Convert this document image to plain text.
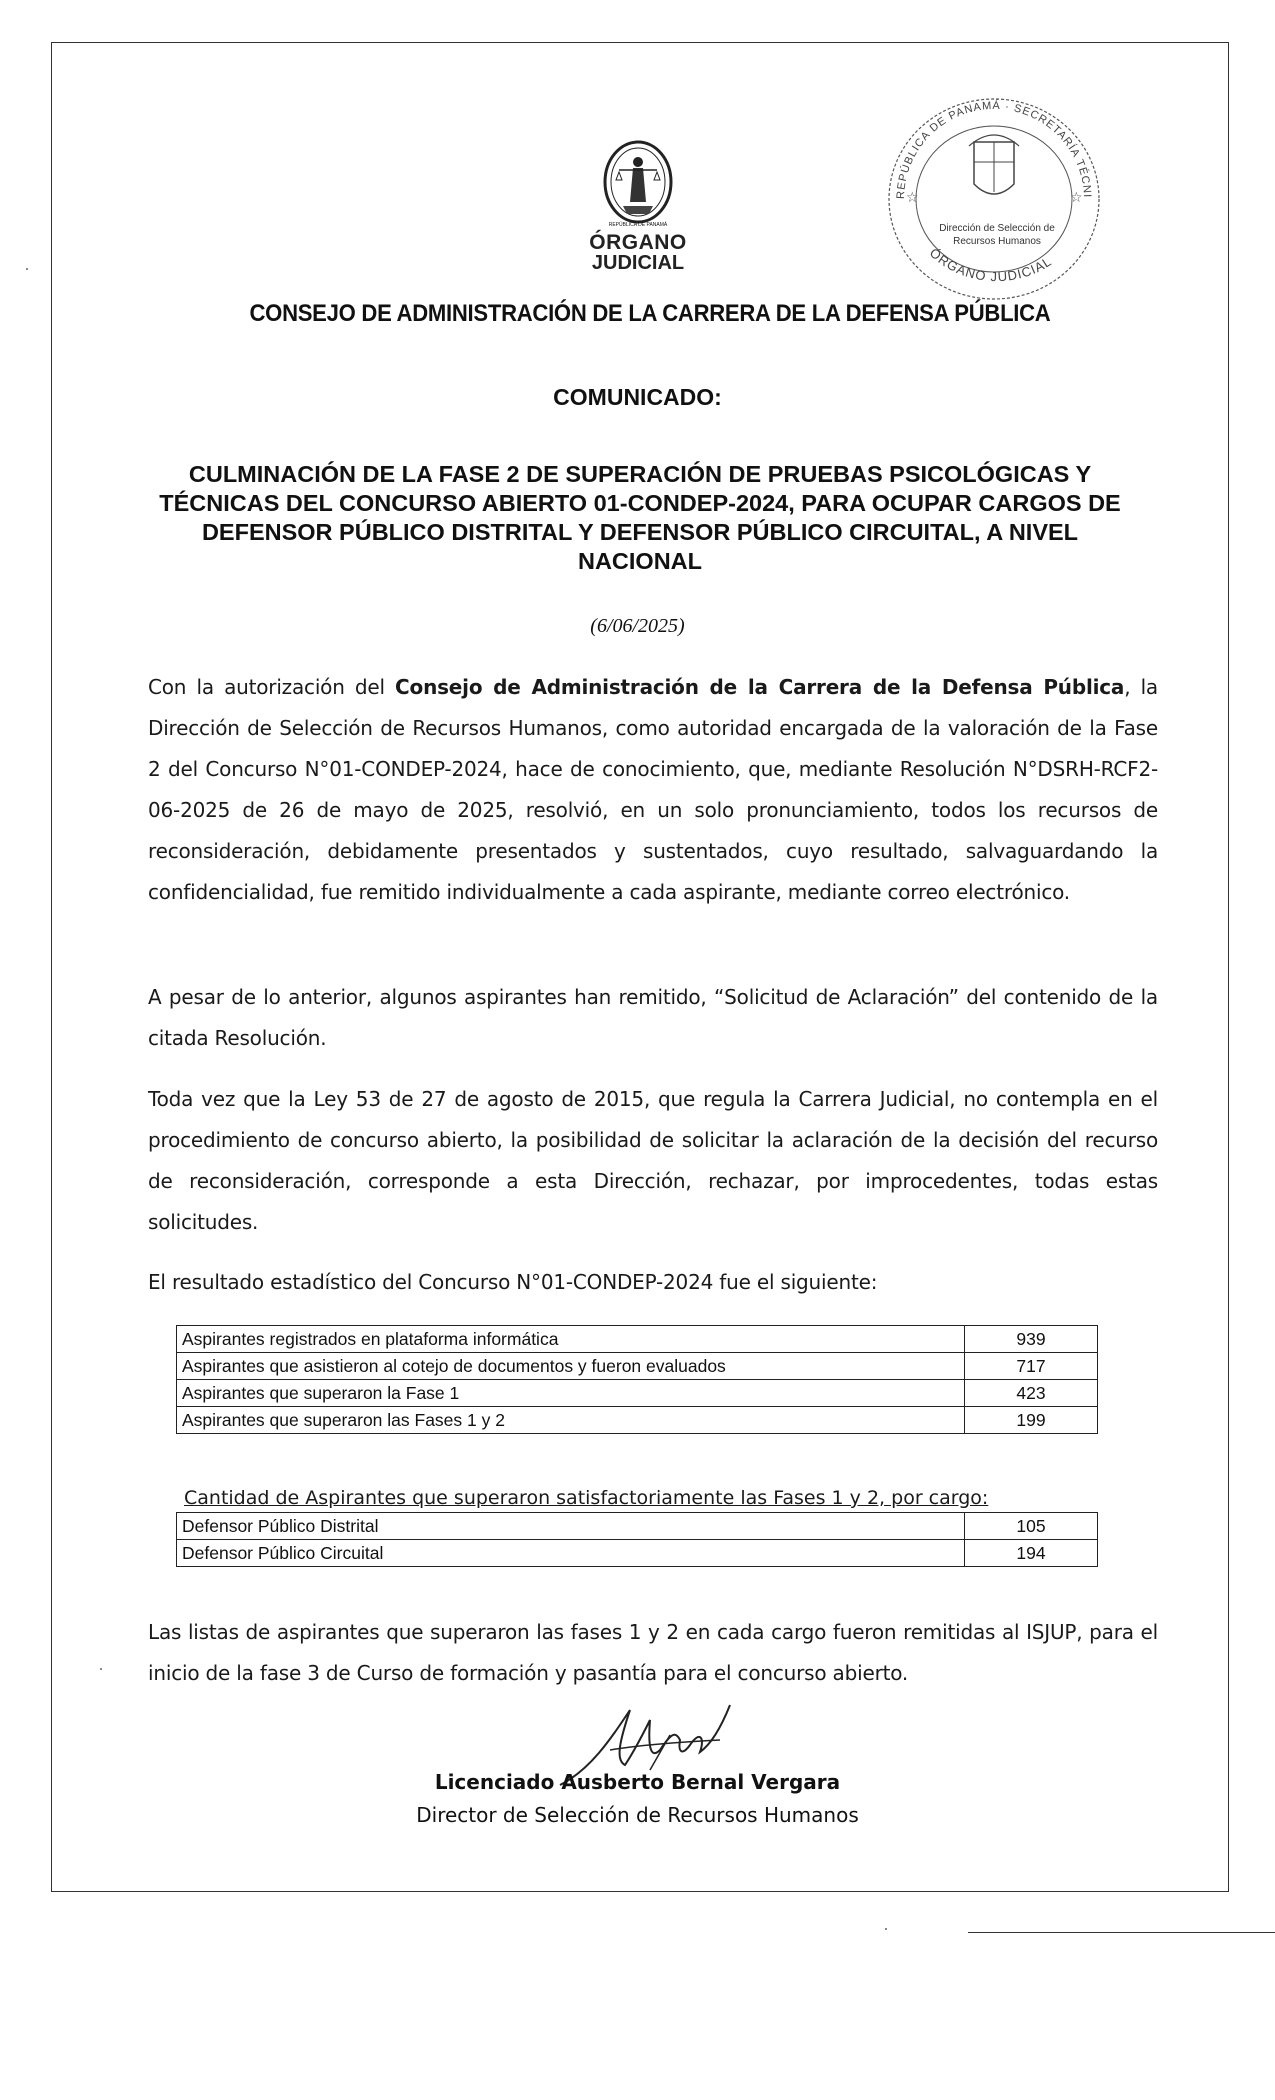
REPÚBLICA DE PANAMÁ
ÓRGANO
JUDICIAL
REPÚBLICA DE PANAMÁ · SECRETARÍA TÉCNI
ÓRGANO JUDICIAL
☆	☆
Dirección de Selección de
Recursos Humanos
CONSEJO DE ADMINISTRACIÓN DE LA CARRERA DE LA DEFENSA PÚBLICA
COMUNICADO:
CULMINACIÓN DE LA FASE 2 DE SUPERACIÓN DE PRUEBAS PSICOLÓGICAS Y TÉCNICAS DEL CONCURSO ABIERTO 01-CONDEP-2024, PARA OCUPAR CARGOS DE DEFENSOR PÚBLICO DISTRITAL Y DEFENSOR PÚBLICO CIRCUITAL, A NIVEL NACIONAL
(6/06/2025)
Con la autorización del Consejo de Administración de la Carrera de la Defensa Pública, la Dirección de Selección de Recursos Humanos, como autoridad encargada de la valoración de la Fase 2 del Concurso N°01-CONDEP-2024, hace de conocimiento, que, mediante Resolución N°DSRH-RCF2-06-2025 de 26 de mayo de 2025, resolvió, en un solo pronunciamiento, todos los recursos de reconsideración, debidamente presentados y sustentados, cuyo resultado, salvaguardando la confidencialidad, fue remitido individualmente a cada aspirante, mediante correo electrónico.
A pesar de lo anterior, algunos aspirantes han remitido, “Solicitud de Aclaración” del contenido de la citada Resolución.
Toda vez que la Ley 53 de 27 de agosto de 2015, que regula la Carrera Judicial, no contempla en el procedimiento de concurso abierto, la posibilidad de solicitar la aclaración de la decisión del recurso de reconsideración, corresponde a esta Dirección, rechazar, por improcedentes, todas estas solicitudes.
El resultado estadístico del Concurso N°01-CONDEP-2024 fue el siguiente:
Aspirantes registrados en plataforma informática	939
Aspirantes que asistieron al cotejo de documentos y fueron evaluados	717
Aspirantes que superaron la Fase 1	423
Aspirantes que superaron las Fases 1 y 2	199
Cantidad de Aspirantes que superaron satisfactoriamente las Fases 1 y 2, por cargo:
Defensor Público Distrital	105
Defensor Público Circuital	194
Las listas de aspirantes que superaron las fases 1 y 2 en cada cargo fueron remitidas al ISJUP, para el inicio de la fase 3 de Curso de formación y pasantía para el concurso abierto.
Licenciado Ausberto Bernal Vergara
Director de Selección de Recursos Humanos
